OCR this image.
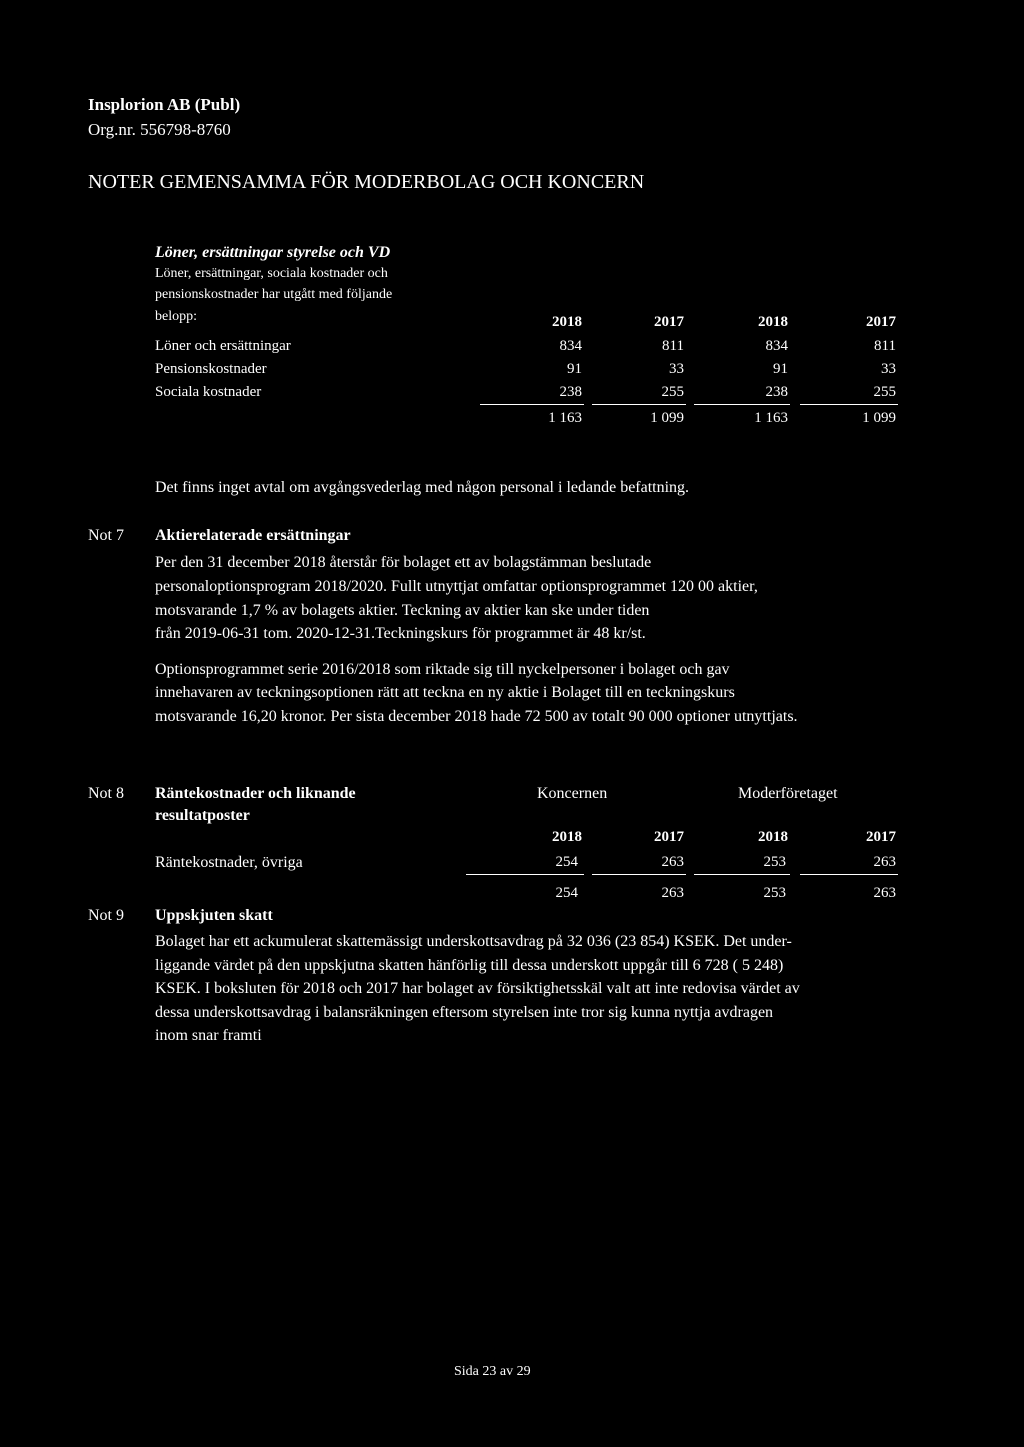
Insplorion AB (Publ)
Org.nr. 556798-8760
NOTER GEMENSAMMA FÖR MODERBOLAG OCH KONCERN
Löner, ersättningar styrelse och VD
Löner, ersättningar, sociala kostnader och
pensionskostnader har utgått med följande
belopp:	2018	2017	2018	2017
Löner och ersättningar	834	811	834	811
Pensionskostnader	91	33	91	33
Sociala kostnader	238	255	238	255
1 163	1 099	1 163	1 099
Det finns inget avtal om avgångsvederlag med någon personal i ledande befattning.
Not 7 Aktierelaterade ersättningar
Per den 31 december 2018 återstår för bolaget ett av bolagstämman beslutade
personaloptionsprogram 2018/2020. Fullt utnyttjat omfattar optionsprogrammet 120 00 aktier,
motsvarande 1,7 % av bolagets aktier. Teckning av aktier kan ske under tiden
från 2019-06-31 tom. 2020-12-31.Teckningskurs för programmet är 48 kr/st.
Optionsprogrammet serie 2016/2018 som riktade sig till nyckelpersoner i bolaget och gav
innehavaren av teckningsoptionen rätt att teckna en ny aktie i Bolaget till en teckningskurs
motsvarande 16,20 kronor. Per sista december 2018 hade 72 500 av totalt 90 000 optioner utnyttjats.
Not 8 Räntekostnader och liknande
resultatposter
Koncernen	Moderföretaget
2018	2017	2018	2017
Räntekostnader, övriga	254	263	253	263
254	263	253	263
Not 9 Uppskjuten skatt
Bolaget har ett ackumulerat skattemässigt underskottsavdrag på 32 036 (23 854) KSEK. Det under-
liggande värdet på den uppskjutna skatten hänförlig till dessa underskott uppgår till 6 728 ( 5 248)
KSEK. I boksluten för 2018 och 2017 har bolaget av försiktighetsskäl valt att inte redovisa värdet av
dessa underskottsavdrag i balansräkningen eftersom styrelsen inte tror sig kunna nyttja avdragen
inom snar framti
Sida 23 av 29
